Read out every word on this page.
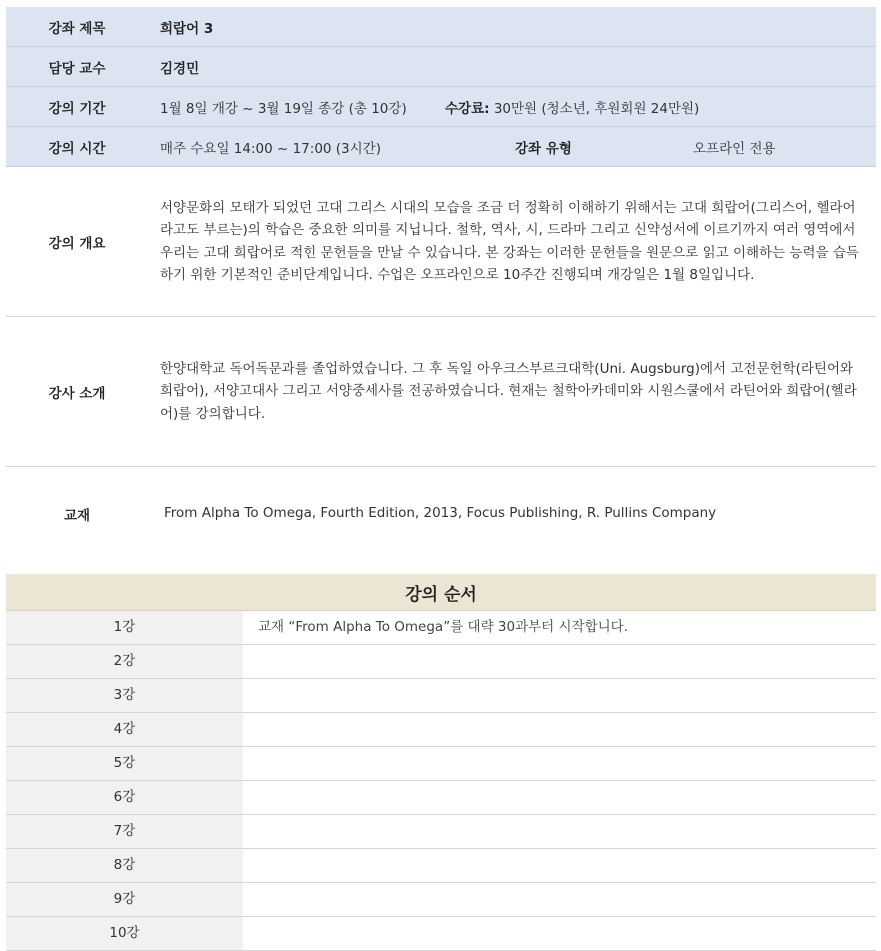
강좌 제목	희랍어 3
담당 교수	김경민
강의 기간	1월 8일 개강 ~ 3월 19일 종강 (총 10강)	수강료: 30만원 (청소년, 후원회원 24만원)
강의 시간	매주 수요일 14:00 ~ 17:00 (3시간)	강좌 유형	오프라인 전용
강의 개요
서양문화의 모태가 되었던 고대 그리스 시대의 모습을 조금 더 정확히 이해하기 위해서는 고대 희랍어(그리스어, 헬라어라고도 부르는)의 학습은 중요한 의미를 지닙니다. 철학, 역사, 시, 드라마 그리고 신약성서에 이르기까지 여러 영역에서 우리는 고대 희랍어로 적힌 문헌들을 만날 수 있습니다. 본 강좌는 이러한 문헌들을 원문으로 읽고 이해하는 능력을 습득하기 위한 기본적인 준비단계입니다. 수업은 오프라인으로 10주간 진행되며 개강일은 1월 8일입니다.
강사 소개
한양대학교 독어독문과를 졸업하였습니다. 그 후 독일 아우크스부르크대학(Uni. Augsburg)에서 고전문헌학(라틴어와 희랍어), 서양고대사 그리고 서양중세사를 전공하였습니다. 현재는 철학아카데미와 시원스쿨에서 라틴어와 희랍어(헬라어)를 강의합니다.
교재	From Alpha To Omega, Fourth Edition, 2013, Focus Publishing, R. Pullins Company
강의 순서
1강	교재 “From Alpha To Omega”를 대략 30과부터 시작합니다.
2강
3강
4강
5강
6강
7강
8강
9강
10강
